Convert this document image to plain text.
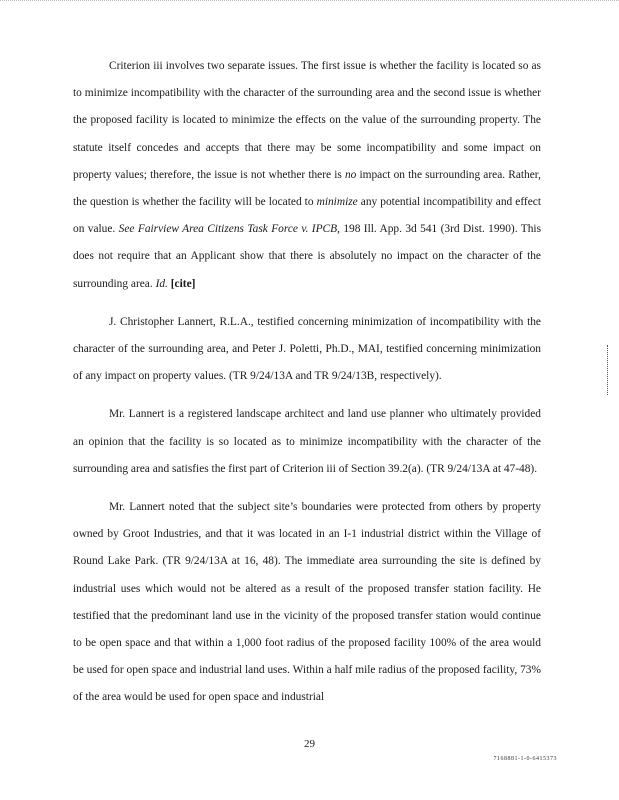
Criterion iii involves two separate issues. The first issue is whether the facility is located so as to minimize incompatibility with the character of the surrounding area and the second issue is whether the proposed facility is located to minimize the effects on the value of the surrounding property. The statute itself concedes and accepts that there may be some incompatibility and some impact on property values; therefore, the issue is not whether there is no impact on the surrounding area. Rather, the question is whether the facility will be located to minimize any potential incompatibility and effect on value. See Fairview Area Citizens Task Force v. IPCB, 198 Ill. App. 3d 541 (3rd Dist. 1990). This does not require that an Applicant show that there is absolutely no impact on the character of the surrounding area. Id. [cite]

J. Christopher Lannert, R.L.A., testified concerning minimization of incompatibility with the character of the surrounding area, and Peter J. Poletti, Ph.D., MAI, testified concerning minimization of any impact on property values. (TR 9/24/13A and TR 9/24/13B, respectively).

Mr. Lannert is a registered landscape architect and land use planner who ultimately provided an opinion that the facility is so located as to minimize incompatibility with the character of the surrounding area and satisfies the first part of Criterion iii of Section 39.2(a). (TR 9/24/13A at 47-48).

Mr. Lannert noted that the subject site’s boundaries were protected from others by property owned by Groot Industries, and that it was located in an I-1 industrial district within the Village of Round Lake Park. (TR 9/24/13A at 16, 48). The immediate area surrounding the site is defined by industrial uses which would not be altered as a result of the proposed transfer station facility. He testified that the predominant land use in the vicinity of the proposed transfer station would continue to be open space and that within a 1,000 foot radius of the proposed facility 100% of the area would be used for open space and industrial land uses. Within a half mile radius of the proposed facility, 73% of the area would be used for open space and industrial

29
7168881-1-0-6415373
